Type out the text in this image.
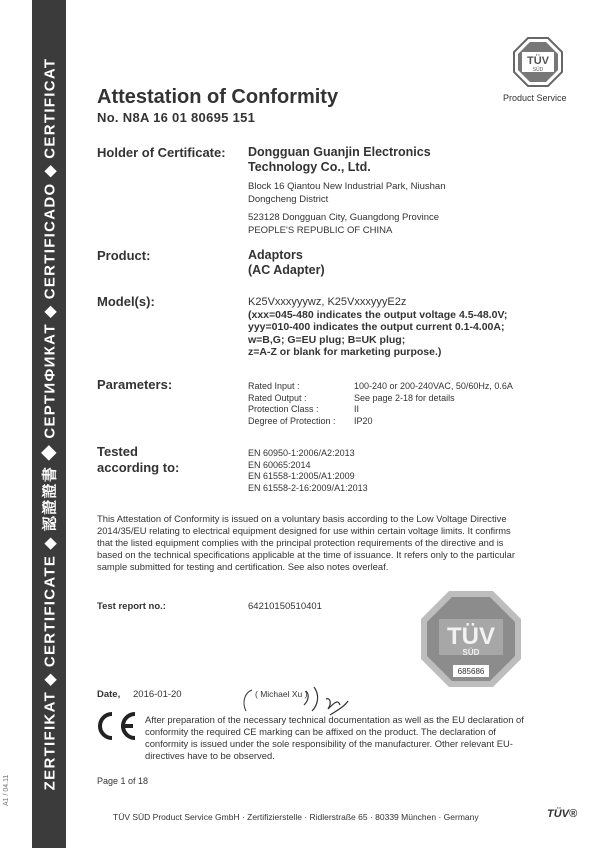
ZERTIFIKAT ◆ CERTIFICATE ◆ 認證證書 ◆ СЕРТИФИКАТ ◆ CERTIFICADO ◆ CERTIFICAT
A1 / 04.11
TÜV
SÜD
Product Service
Attestation of Conformity
No. N8A 16 01 80695 151
Holder of Certificate: Dongguan Guanjin Electronics
Technology Co., Ltd.
Block 16 Qiantou New Industrial Park, Niushan
Dongcheng District
523128 Dongguan City, Guangdong Province
PEOPLE'S REPUBLIC OF CHINA
Product:	Adaptors
(AC Adapter)
Model(s):	K25Vxxxyyywz, K25VxxxyyyE2z
(xxx=045-480 indicates the output voltage 4.5-48.0V;
yyy=010-400 indicates the output current 0.1-4.00A;
w=B,G; G=EU plug; B=UK plug;
z=A-Z or blank for marketing purpose.)
Parameters:	Rated Input :	100-240 or 200-240VAC, 50/60Hz, 0.6A
Rated Output :	See page 2-18 for details
Protection Class :	II
Degree of Protection :	IP20
Tested
according to:
EN 60950-1:2006/A2:2013
EN 60065:2014
EN 61558-1:2005/A1:2009
EN 61558-2-16:2009/A1:2013
This Attestation of Conformity is issued on a voluntary basis according to the Low Voltage Directive 2014/35/EU relating to electrical equipment designed for use within certain voltage limits. It confirms that the listed equipment complies with the principal protection requirements of the directive and is based on the technical specifications applicable at the time of issuance. It refers only to the particular sample submitted for testing and certification. See also notes overleaf.
Test report no.:	64210150510401
TÜV
SÜD
685686
Date, 2016-01-20	( Michael Xu )
After preparation of the necessary technical documentation as well as the EU declaration of conformity the required CE marking can be affixed on the product. The declaration of conformity is issued under the sole responsibility of the manufacturer. Other relevant EU-directives have to be observed.
Page 1 of 18
TÜV SÜD Product Service GmbH · Zertifizierstelle · Ridlerstraße 65 · 80339 München · Germany	TÜV®
